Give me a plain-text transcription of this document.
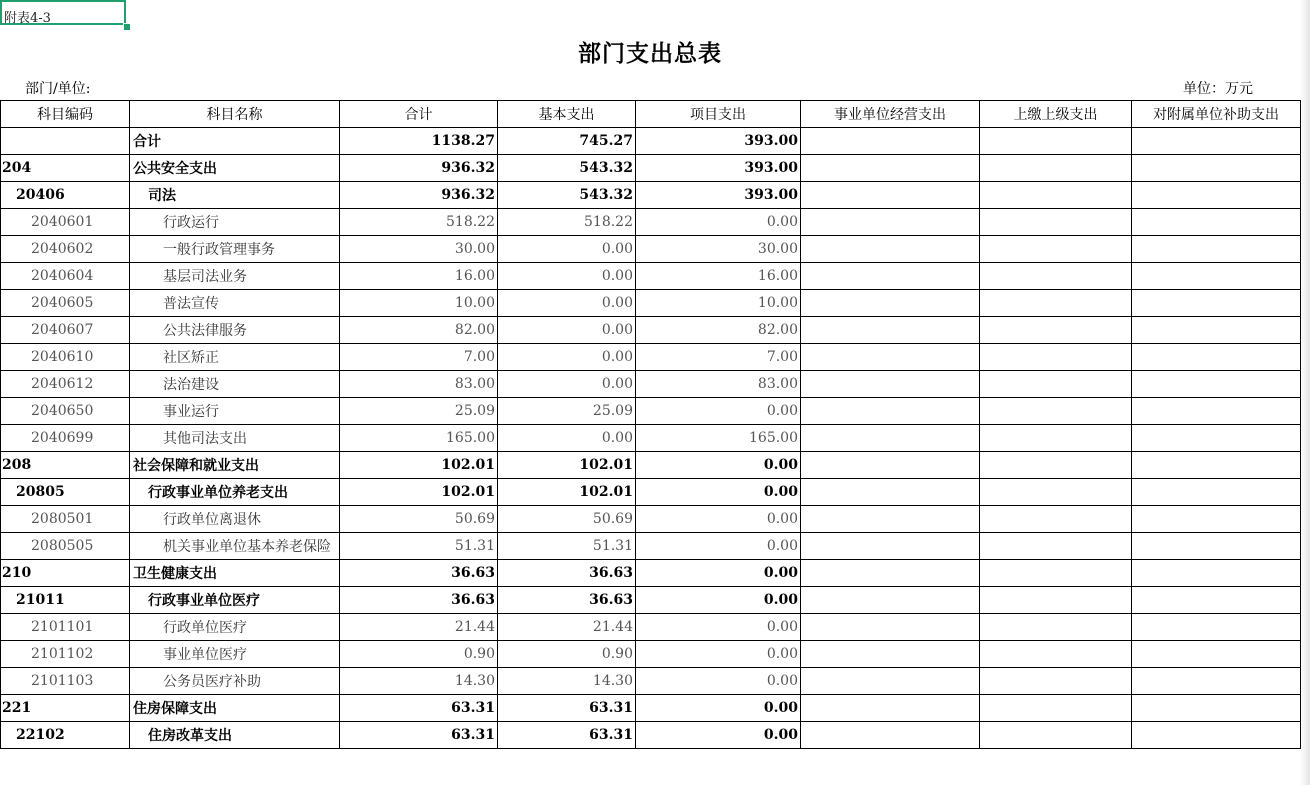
附表4-3
部门支出总表
部门/单位:	单位：万元
科目编码	科目名称	合计	基本支出	项目支出	事业单位经营支出	上缴上级支出	对附属单位补助支出
	合计	1138.27	745.27	393.00			
204	公共安全支出	936.32	543.32	393.00			
20406	司法	936.32	543.32	393.00			
2040601	行政运行	518.22	518.22	0.00			
2040602	一般行政管理事务	30.00	0.00	30.00			
2040604	基层司法业务	16.00	0.00	16.00			
2040605	普法宣传	10.00	0.00	10.00			
2040607	公共法律服务	82.00	0.00	82.00			
2040610	社区矫正	7.00	0.00	7.00			
2040612	法治建设	83.00	0.00	83.00			
2040650	事业运行	25.09	25.09	0.00			
2040699	其他司法支出	165.00	0.00	165.00			
208	社会保障和就业支出	102.01	102.01	0.00			
20805	行政事业单位养老支出	102.01	102.01	0.00			
2080501	行政单位离退休	50.69	50.69	0.00			
2080505	机关事业单位基本养老保险	51.31	51.31	0.00			
210	卫生健康支出	36.63	36.63	0.00			
21011	行政事业单位医疗	36.63	36.63	0.00			
2101101	行政单位医疗	21.44	21.44	0.00			
2101102	事业单位医疗	0.90	0.90	0.00			
2101103	公务员医疗补助	14.30	14.30	0.00			
221	住房保障支出	63.31	63.31	0.00			
22102	住房改革支出	63.31	63.31	0.00			
